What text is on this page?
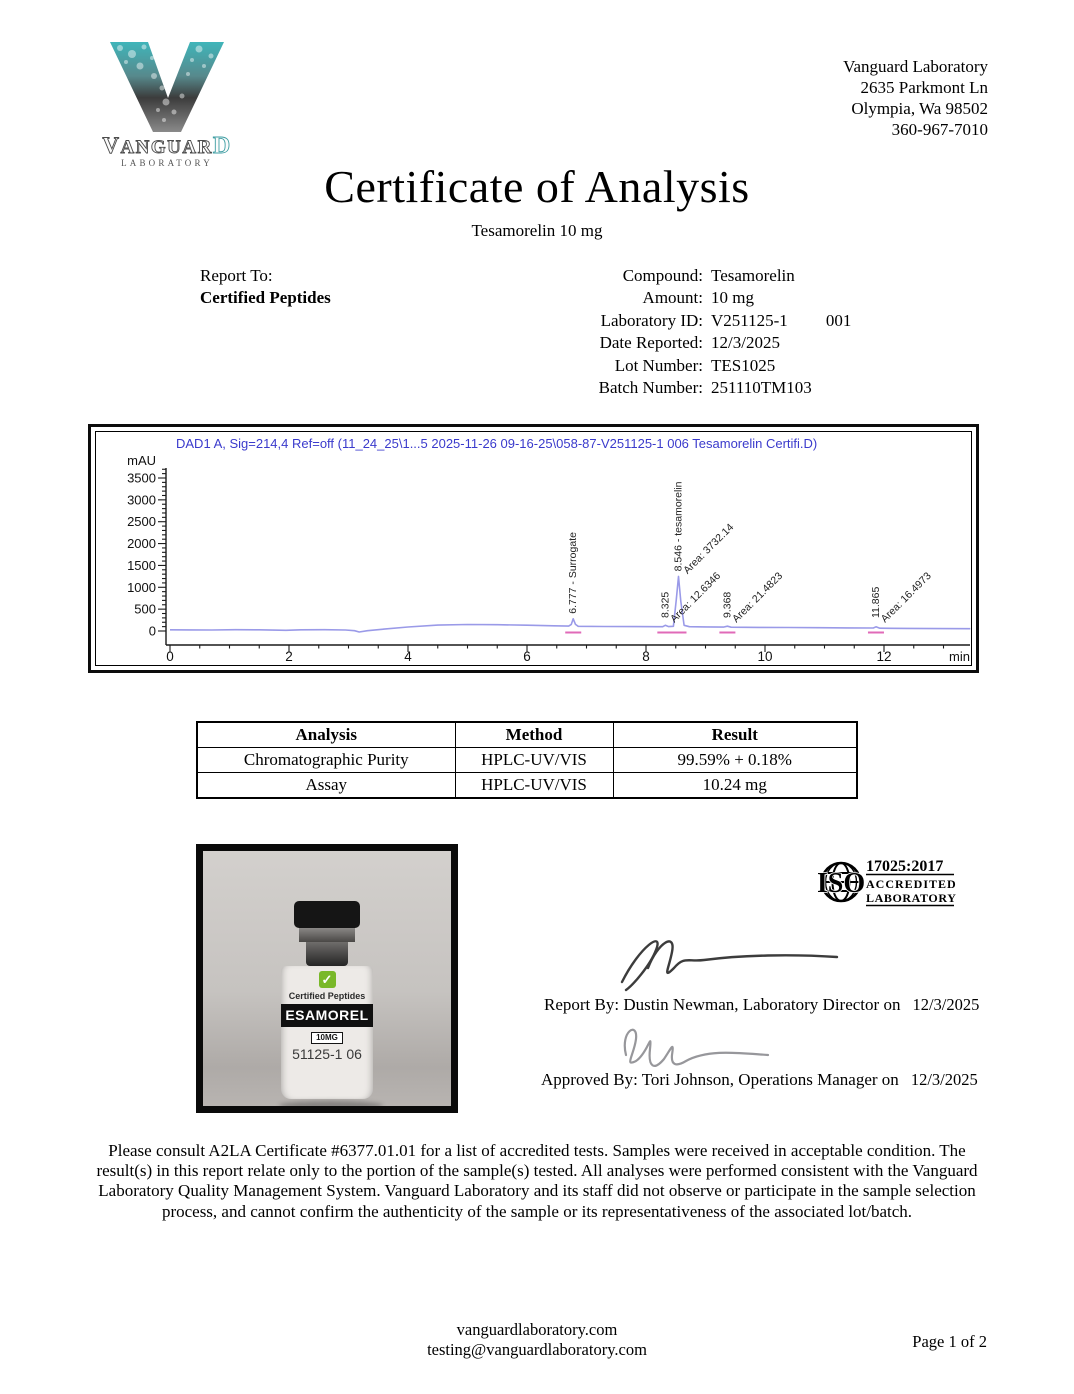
VANGUARD
LABORATORY
Vanguard Laboratory
2635 Parkmont Ln
Olympia, Wa 98502
360-967-7010
Certificate of Analysis
Tesamorelin 10 mg
Report To:
Certified Peptides
Compound: Tesamorelin
Amount: 10 mg
Laboratory ID: V251125-1 001
Date Reported: 12/3/2025
Lot Number: TES1025
Batch Number: 251110TM103
DAD1 A, Sig=214,4 Ref=off (11_24_25\1...5 2025-11-26 09-16-25\058-87-V251125-1 006 Tesamorelin Certifi.D)
0
500
1000
1500
2000
2500
3000
3500
mAU
0	2	4	6	8	10	12	min
6.777 - Surrogate	8.325
Area: 12.6346
8.546 - tesamorelin
Area: 3732.14
9.368
Area: 21.4823	11.865
Area: 16.4973
Analysis	Method	Result
Chromatographic Purity	HPLC-UV/VIS	99.59% + 0.18%
Assay	HPLC-UV/VIS	10.24 mg
✓
Certified Peptides
ESAMOREL
10MG
51125-1 06
ISO
17025:2017
ACCREDITED
LABORATORY
Report By: Dustin Newman, Laboratory Director on 12/3/2025
Approved By: Tori Johnson, Operations Manager on 12/3/2025

Please consult A2LA Certificate #6377.01.01 for a list of accredited tests. Samples were received in acceptable condition. The result(s) in this report relate only to the portion of the sample(s) tested. All analyses were performed consistent with the Vanguard Laboratory Quality Management System. Vanguard Laboratory and its staff did not observe or participate in the sample selection process, and cannot confirm the authenticity of the sample or its representativeness of the associated lot/batch.

vanguardlaboratory.com
testing@vanguardlaboratory.com	Page 1 of 2
